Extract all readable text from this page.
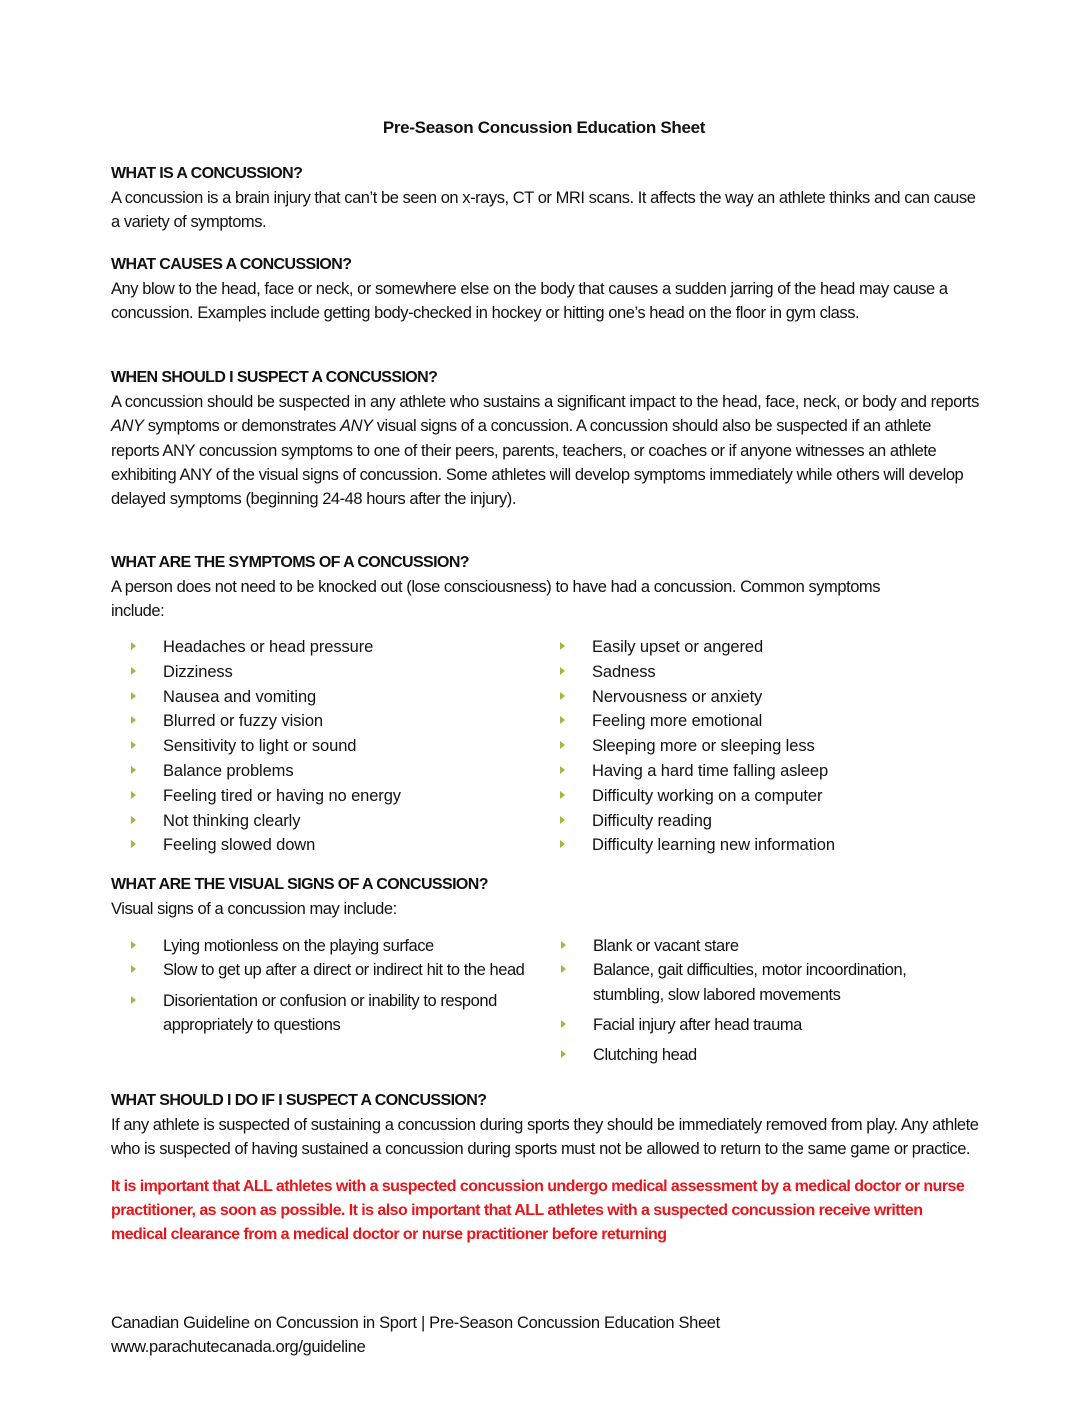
Pre-Season Concussion Education Sheet
WHAT IS A CONCUSSION?
A concussion is a brain injury that can’t be seen on x-rays, CT or MRI scans. It affects the way an athlete thinks and can cause a variety of symptoms.
WHAT CAUSES A CONCUSSION?
Any blow to the head, face or neck, or somewhere else on the body that causes a sudden jarring of the head may cause a concussion. Examples include getting body-checked in hockey or hitting one’s head on the floor in gym class.
WHEN SHOULD I SUSPECT A CONCUSSION?
A concussion should be suspected in any athlete who sustains a significant impact to the head, face, neck, or body and reports ANY symptoms or demonstrates ANY visual signs of a concussion. A concussion should also be suspected if an athlete reports ANY concussion symptoms to one of their peers, parents, teachers, or coaches or if anyone witnesses an athlete exhibiting ANY of the visual signs of concussion. Some athletes will develop symptoms immediately while others will develop delayed symptoms (beginning 24-48 hours after the injury).
WHAT ARE THE SYMPTOMS OF A CONCUSSION?
A person does not need to be knocked out (lose consciousness) to have had a concussion. Common symptoms include:
Headaches or head pressure
Dizziness
Nausea and vomiting
Blurred or fuzzy vision
Sensitivity to light or sound
Balance problems
Feeling tired or having no energy
Not thinking clearly
Feeling slowed down
Easily upset or angered
Sadness
Nervousness or anxiety
Feeling more emotional
Sleeping more or sleeping less
Having a hard time falling asleep
Difficulty working on a computer
Difficulty reading
Difficulty learning new information
WHAT ARE THE VISUAL SIGNS OF A CONCUSSION?
Visual signs of a concussion may include:
Lying motionless on the playing surface
Slow to get up after a direct or indirect hit to the head
Disorientation or confusion or inability to respond appropriately to questions
Blank or vacant stare
Balance, gait difficulties, motor incoordination, stumbling, slow labored movements
Facial injury after head trauma
Clutching head
WHAT SHOULD I DO IF I SUSPECT A CONCUSSION?
If any athlete is suspected of sustaining a concussion during sports they should be immediately removed from play. Any athlete who is suspected of having sustained a concussion during sports must not be allowed to return to the same game or practice.
It is important that ALL athletes with a suspected concussion undergo medical assessment by a medical doctor or nurse practitioner, as soon as possible. It is also important that ALL athletes with a suspected concussion receive written medical clearance from a medical doctor or nurse practitioner before returning
Canadian Guideline on Concussion in Sport | Pre-Season Concussion Education Sheet
www.parachutecanada.org/guideline
